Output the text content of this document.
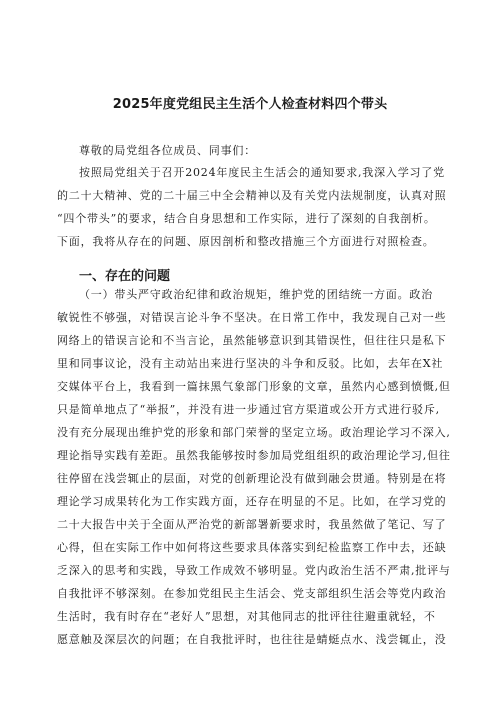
2025年度党组民主生活个人检查材料四个带头
尊敬的局党组各位成员、同事们：
按照局党组关于召开2024年度民主生活会的通知要求,我深入学习了党
的二十大精神、党的二十届三中全会精神以及有关党内法规制度，认真对照
“四个带头”的要求，结合自身思想和工作实际，进行了深刻的自我剖析。
下面，我将从存在的问题、原因剖析和整改措施三个方面进行对照检查。
一、存在的问题
（一）带头严守政治纪律和政治规矩，维护党的团结统一方面。政治
敏锐性不够强，对错误言论斗争不坚决。在日常工作中，我发现自己对一些
网络上的错误言论和不当言论，虽然能够意识到其错误性，但往往只是私下
里和同事议论，没有主动站出来进行坚决的斗争和反驳。比如，去年在X社
交媒体平台上，我看到一篇抹黑气象部门形象的文章，虽然内心感到愤慨,但
只是简单地点了“举报”，并没有进一步通过官方渠道或公开方式进行驳斥,
没有充分展现出维护党的形象和部门荣誉的坚定立场。政治理论学习不深入,
理论指导实践有差距。虽然我能够按时参加局党组组织的政治理论学习,但往
往停留在浅尝辄止的层面，对党的创新理论没有做到融会贯通。特别是在将
理论学习成果转化为工作实践方面，还存在明显的不足。比如，在学习党的
二十大报告中关于全面从严治党的新部署新要求时，我虽然做了笔记、写了
心得，但在实际工作中如何将这些要求具体落实到纪检监察工作中去，还缺
乏深入的思考和实践，导致工作成效不够明显。党内政治生活不严肃,批评与
自我批评不够深刻。在参加党组民主生活会、党支部组织生活会等党内政治
生活时，我有时存在“老好人”思想，对其他同志的批评往往避重就轻，不
愿意触及深层次的问题；在自我批评时，也往往是蜻蜓点水、浅尝辄止，没
